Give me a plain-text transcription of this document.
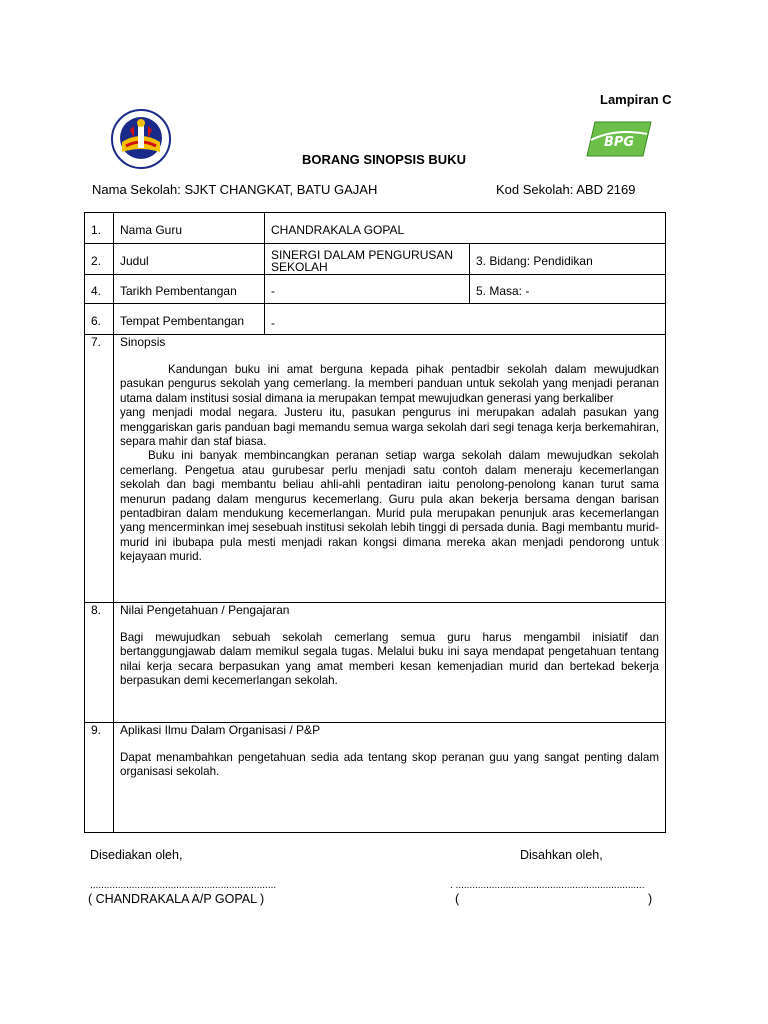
Lampiran C
BPG
BORANG SINOPSIS BUKU
Nama Sekolah: SJKT CHANGKAT, BATU GAJAH	Kod Sekolah: ABD 2169
1.	Nama Guru	CHANDRAKALA GOPAL	
2.	Judul	SINERGI DALAM PENGURUSAN
SEKOLAH	3. Bidang: Pendidikan
4.	Tarikh Pembentangan	-	5. Masa: -
6.	Tempat Pembentangan	-	
7.	Sinopsis

Kandungan buku ini amat berguna kepada pihak pentadbir sekolah dalam mewujudkan pasukan pengurus sekolah yang cemerlang. Ia memberi panduan untuk sekolah yang menjadi peranan utama dalam institusi sosial dimana ia merupakan tempat mewujudkan generasi yang berkaliber

yang menjadi modal negara. Justeru itu, pasukan pengurus ini merupakan adalah pasukan yang menggariskan garis panduan bagi memandu semua warga sekolah dari segi tenaga kerja berkemahiran, separa mahir dan staf biasa.

Buku ini banyak membincangkan peranan setiap warga sekolah dalam mewujudkan sekolah cemerlang. Pengetua atau gurubesar perlu menjadi satu contoh dalam meneraju kecemerlangan sekolah dan bagi membantu beliau ahli-ahli pentadiran iaitu penolong-penolong kanan turut sama menurun padang dalam mengurus kecemerlang. Guru pula akan bekerja bersama dengan barisan pentadbiran dalam mendukung kecemerlangan. Murid pula merupakan penunjuk aras kecemerlangan yang mencerminkan imej sesebuah institusi sekolah lebih tinggi di persada dunia. Bagi membantu murid-murid ini ibubapa pula mesti menjadi rakan kongsi dimana mereka akan menjadi pendorong untuk kejayaan murid.		

8.	Nilai Pengetahuan / Pengajaran

Bagi mewujudkan sebuah sekolah cemerlang semua guru harus mengambil inisiatif dan bertanggungjawab dalam memikul segala tugas. Melalui buku ini saya mendapat pengetahuan tentang nilai kerja secara berpasukan yang amat memberi kesan kemenjadian murid dan bertekad bekerja berpasukan demi kecemerlangan sekolah.		

9.	Aplikasi Ilmu Dalam Organisasi / P&P

Dapat menambahkan pengetahuan sedia ada tentang skop peranan guu yang sangat penting dalam organisasi sekolah.		

Disediakan oleh,	Disahkan oleh,
...................................................................	. ....................................................................
( CHANDRAKALA A/P GOPAL )	(	)
